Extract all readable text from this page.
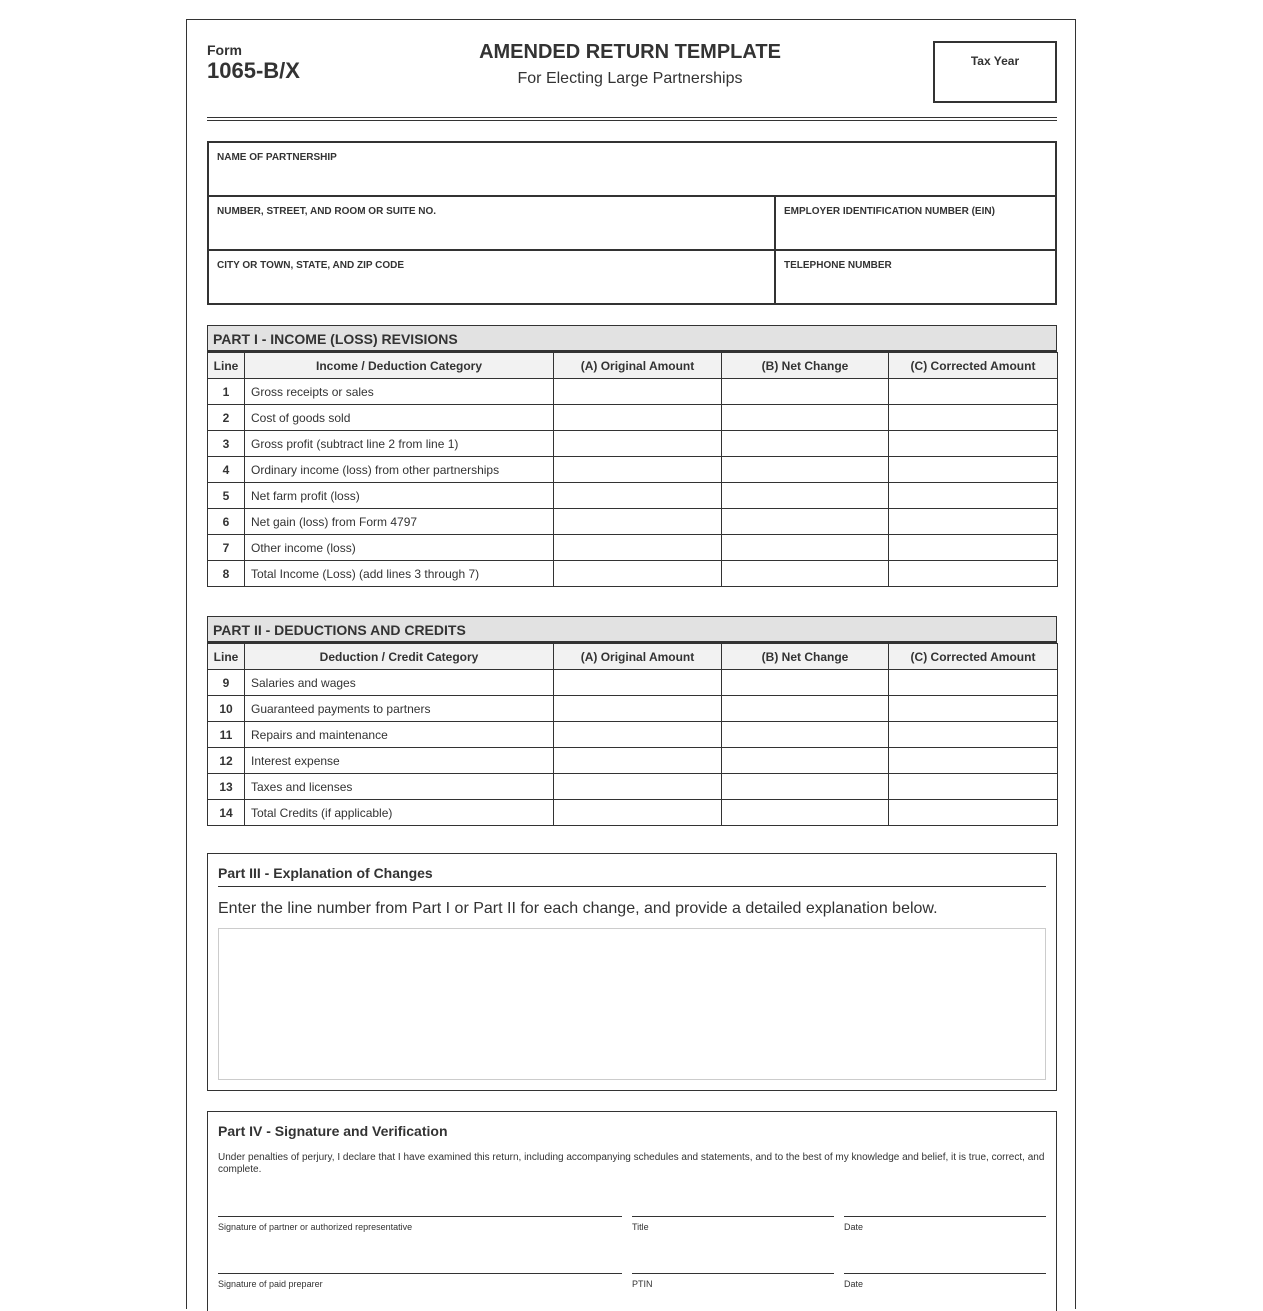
Form
1065-B/X
AMENDED RETURN TEMPLATE
For Electing Large Partnerships
Tax Year
NAME OF PARTNERSHIP
NUMBER, STREET, AND ROOM OR SUITE NO.	EMPLOYER IDENTIFICATION NUMBER (EIN)
CITY OR TOWN, STATE, AND ZIP CODE	TELEPHONE NUMBER
PART I - INCOME (LOSS) REVISIONS
Line	Income / Deduction Category	(A) Original Amount	(B) Net Change	(C) Corrected Amount
1	Gross receipts or sales			
2	Cost of goods sold			
3	Gross profit (subtract line 2 from line 1)			
4	Ordinary income (loss) from other partnerships			
5	Net farm profit (loss)			
6	Net gain (loss) from Form 4797			
7	Other income (loss)			
8	Total Income (Loss) (add lines 3 through 7)			
PART II - DEDUCTIONS AND CREDITS
Line	Deduction / Credit Category	(A) Original Amount	(B) Net Change	(C) Corrected Amount
9	Salaries and wages			
10	Guaranteed payments to partners			
11	Repairs and maintenance			
12	Interest expense			
13	Taxes and licenses			
14	Total Credits (if applicable)			
Part III - Explanation of Changes
Enter the line number from Part I or Part II for each change, and provide a detailed explanation below.
Part IV - Signature and Verification
Under penalties of perjury, I declare that I have examined this return, including accompanying schedules and statements, and to the best of my knowledge and belief, it is true, correct, and complete.
Signature of partner or authorized representative	Title	Date
Signature of paid preparer	PTIN	Date
